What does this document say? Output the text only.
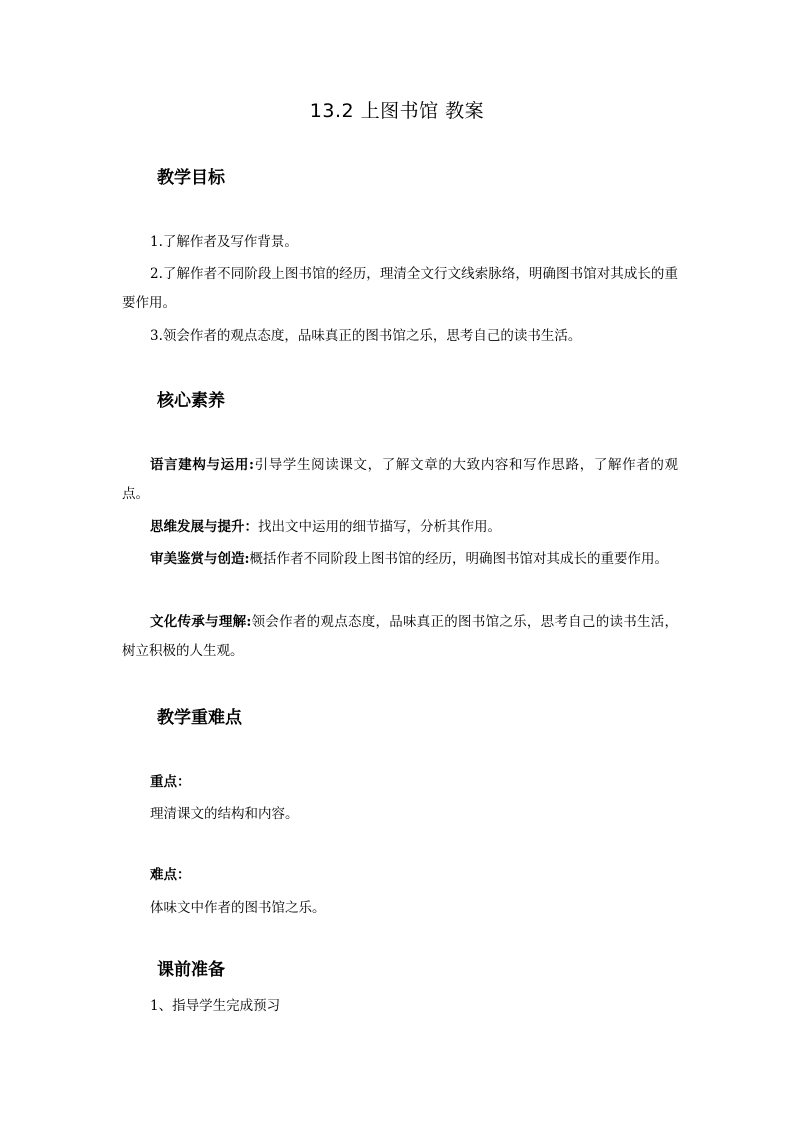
13.2 上图书馆 教案
教学目标

1.了解作者及写作背景。

2.了解作者不同阶段上图书馆的经历，理清全文行文线索脉络，明确图书馆对其成长的重要作用。

3.领会作者的观点态度，品味真正的图书馆之乐，思考自己的读书生活。

核心素养

语言建构与运用:引导学生阅读课文，了解文章的大致内容和写作思路，了解作者的观点。

思维发展与提升：找出文中运用的细节描写，分析其作用。

审美鉴赏与创造:概括作者不同阶段上图书馆的经历，明确图书馆对其成长的重要作用。

文化传承与理解:领会作者的观点态度，品味真正的图书馆之乐，思考自己的读书生活，树立积极的人生观。

教学重难点
重点：
理清课文的结构和内容。
难点：
体味文中作者的图书馆之乐。
课前准备
1、指导学生完成预习
